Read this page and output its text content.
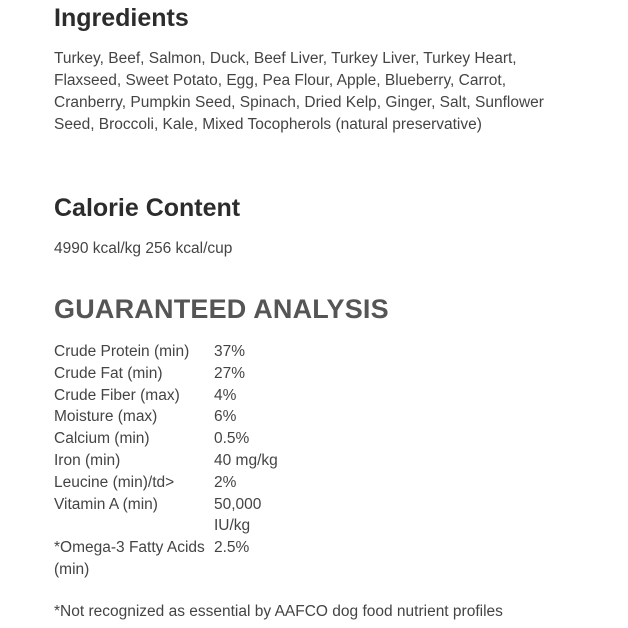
Ingredients

Turkey, Beef, Salmon, Duck, Beef Liver, Turkey Liver, Turkey Heart, Flaxseed, Sweet Potato, Egg, Pea Flour, Apple, Blueberry, Carrot, Cranberry, Pumpkin Seed, Spinach, Dried Kelp, Ginger, Salt, Sunflower Seed, Broccoli, Kale, Mixed Tocopherols (natural preservative)

Calorie Content

4990 kcal/kg 256 kcal/cup

GUARANTEED ANALYSIS
Crude Protein (min)	37%
Crude Fat (min)	27%
Crude Fiber (max)	4%
Moisture (max)	6%
Calcium (min)	0.5%
Iron (min)	40 mg/kg
Leucine (min)/td>	2%
Vitamin A (min)	50,000 IU/kg
*Omega-3 Fatty Acids (min)	2.5%

*Not recognized as essential by AAFCO dog food nutrient profiles
